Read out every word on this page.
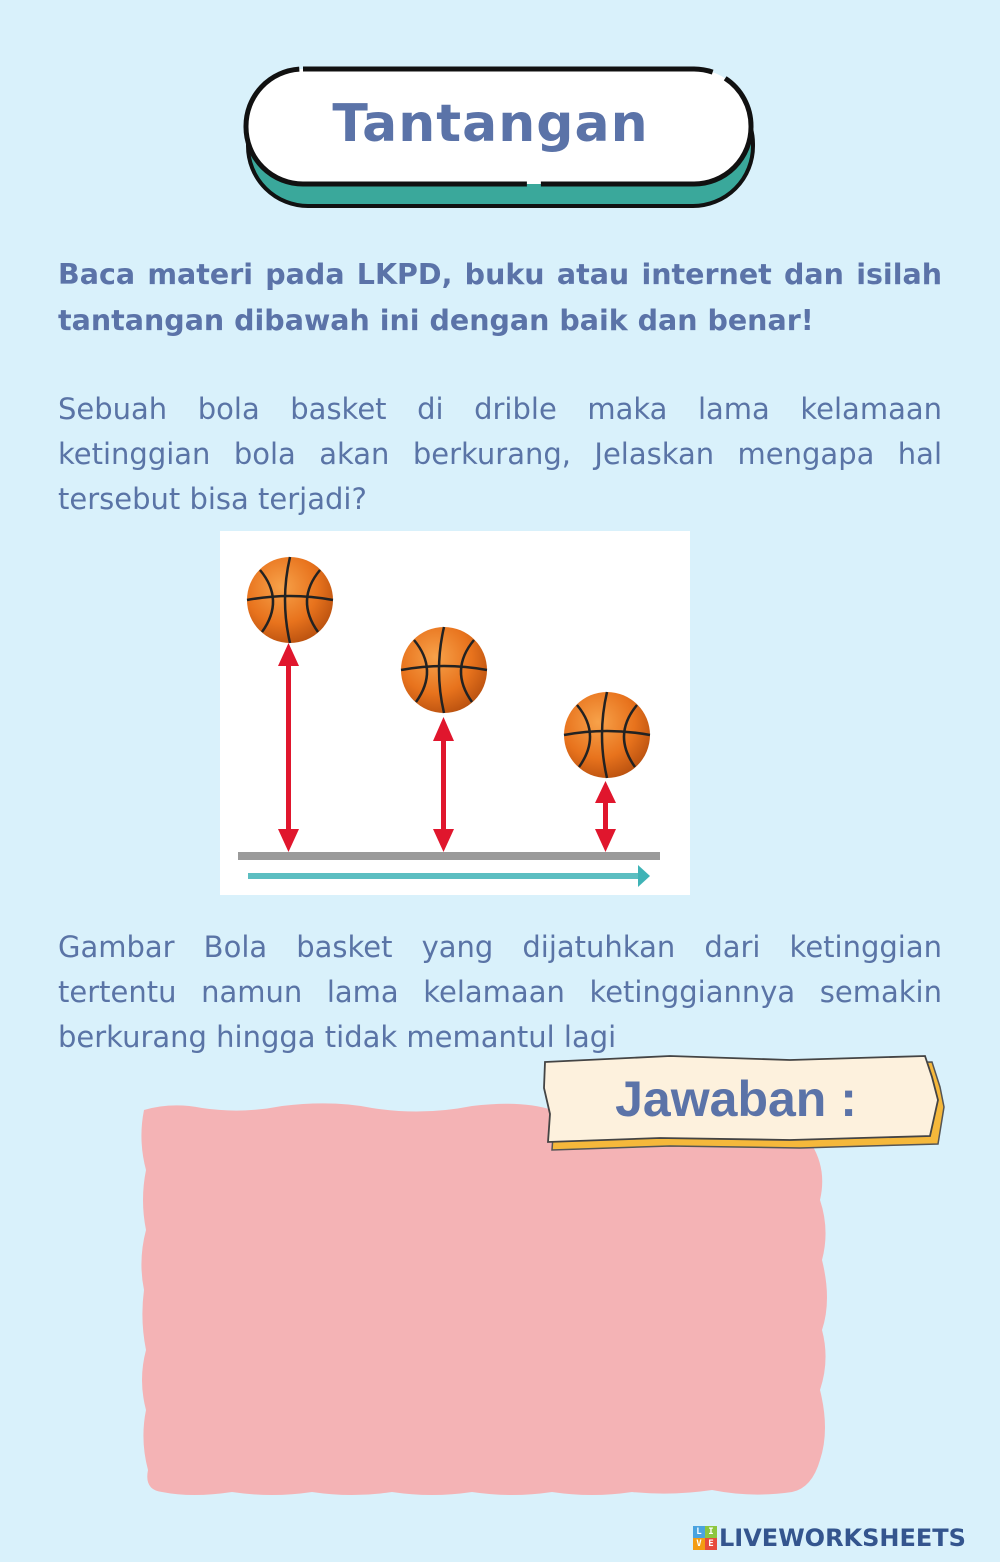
Tantangan
Baca materi pada LKPD, buku atau internet dan isilah tantangan dibawah ini dengan baik dan benar!
Sebuah bola basket di drible maka lama kelamaan ketinggian bola akan berkurang, Jelaskan mengapa hal tersebut bisa terjadi?
Gambar Bola basket yang dijatuhkan dari ketinggian tertentu namun lama kelamaan ketinggiannya semakin berkurang hingga tidak memantul lagi
Jawaban :
L I
V E LIVEWORKSHEETS
